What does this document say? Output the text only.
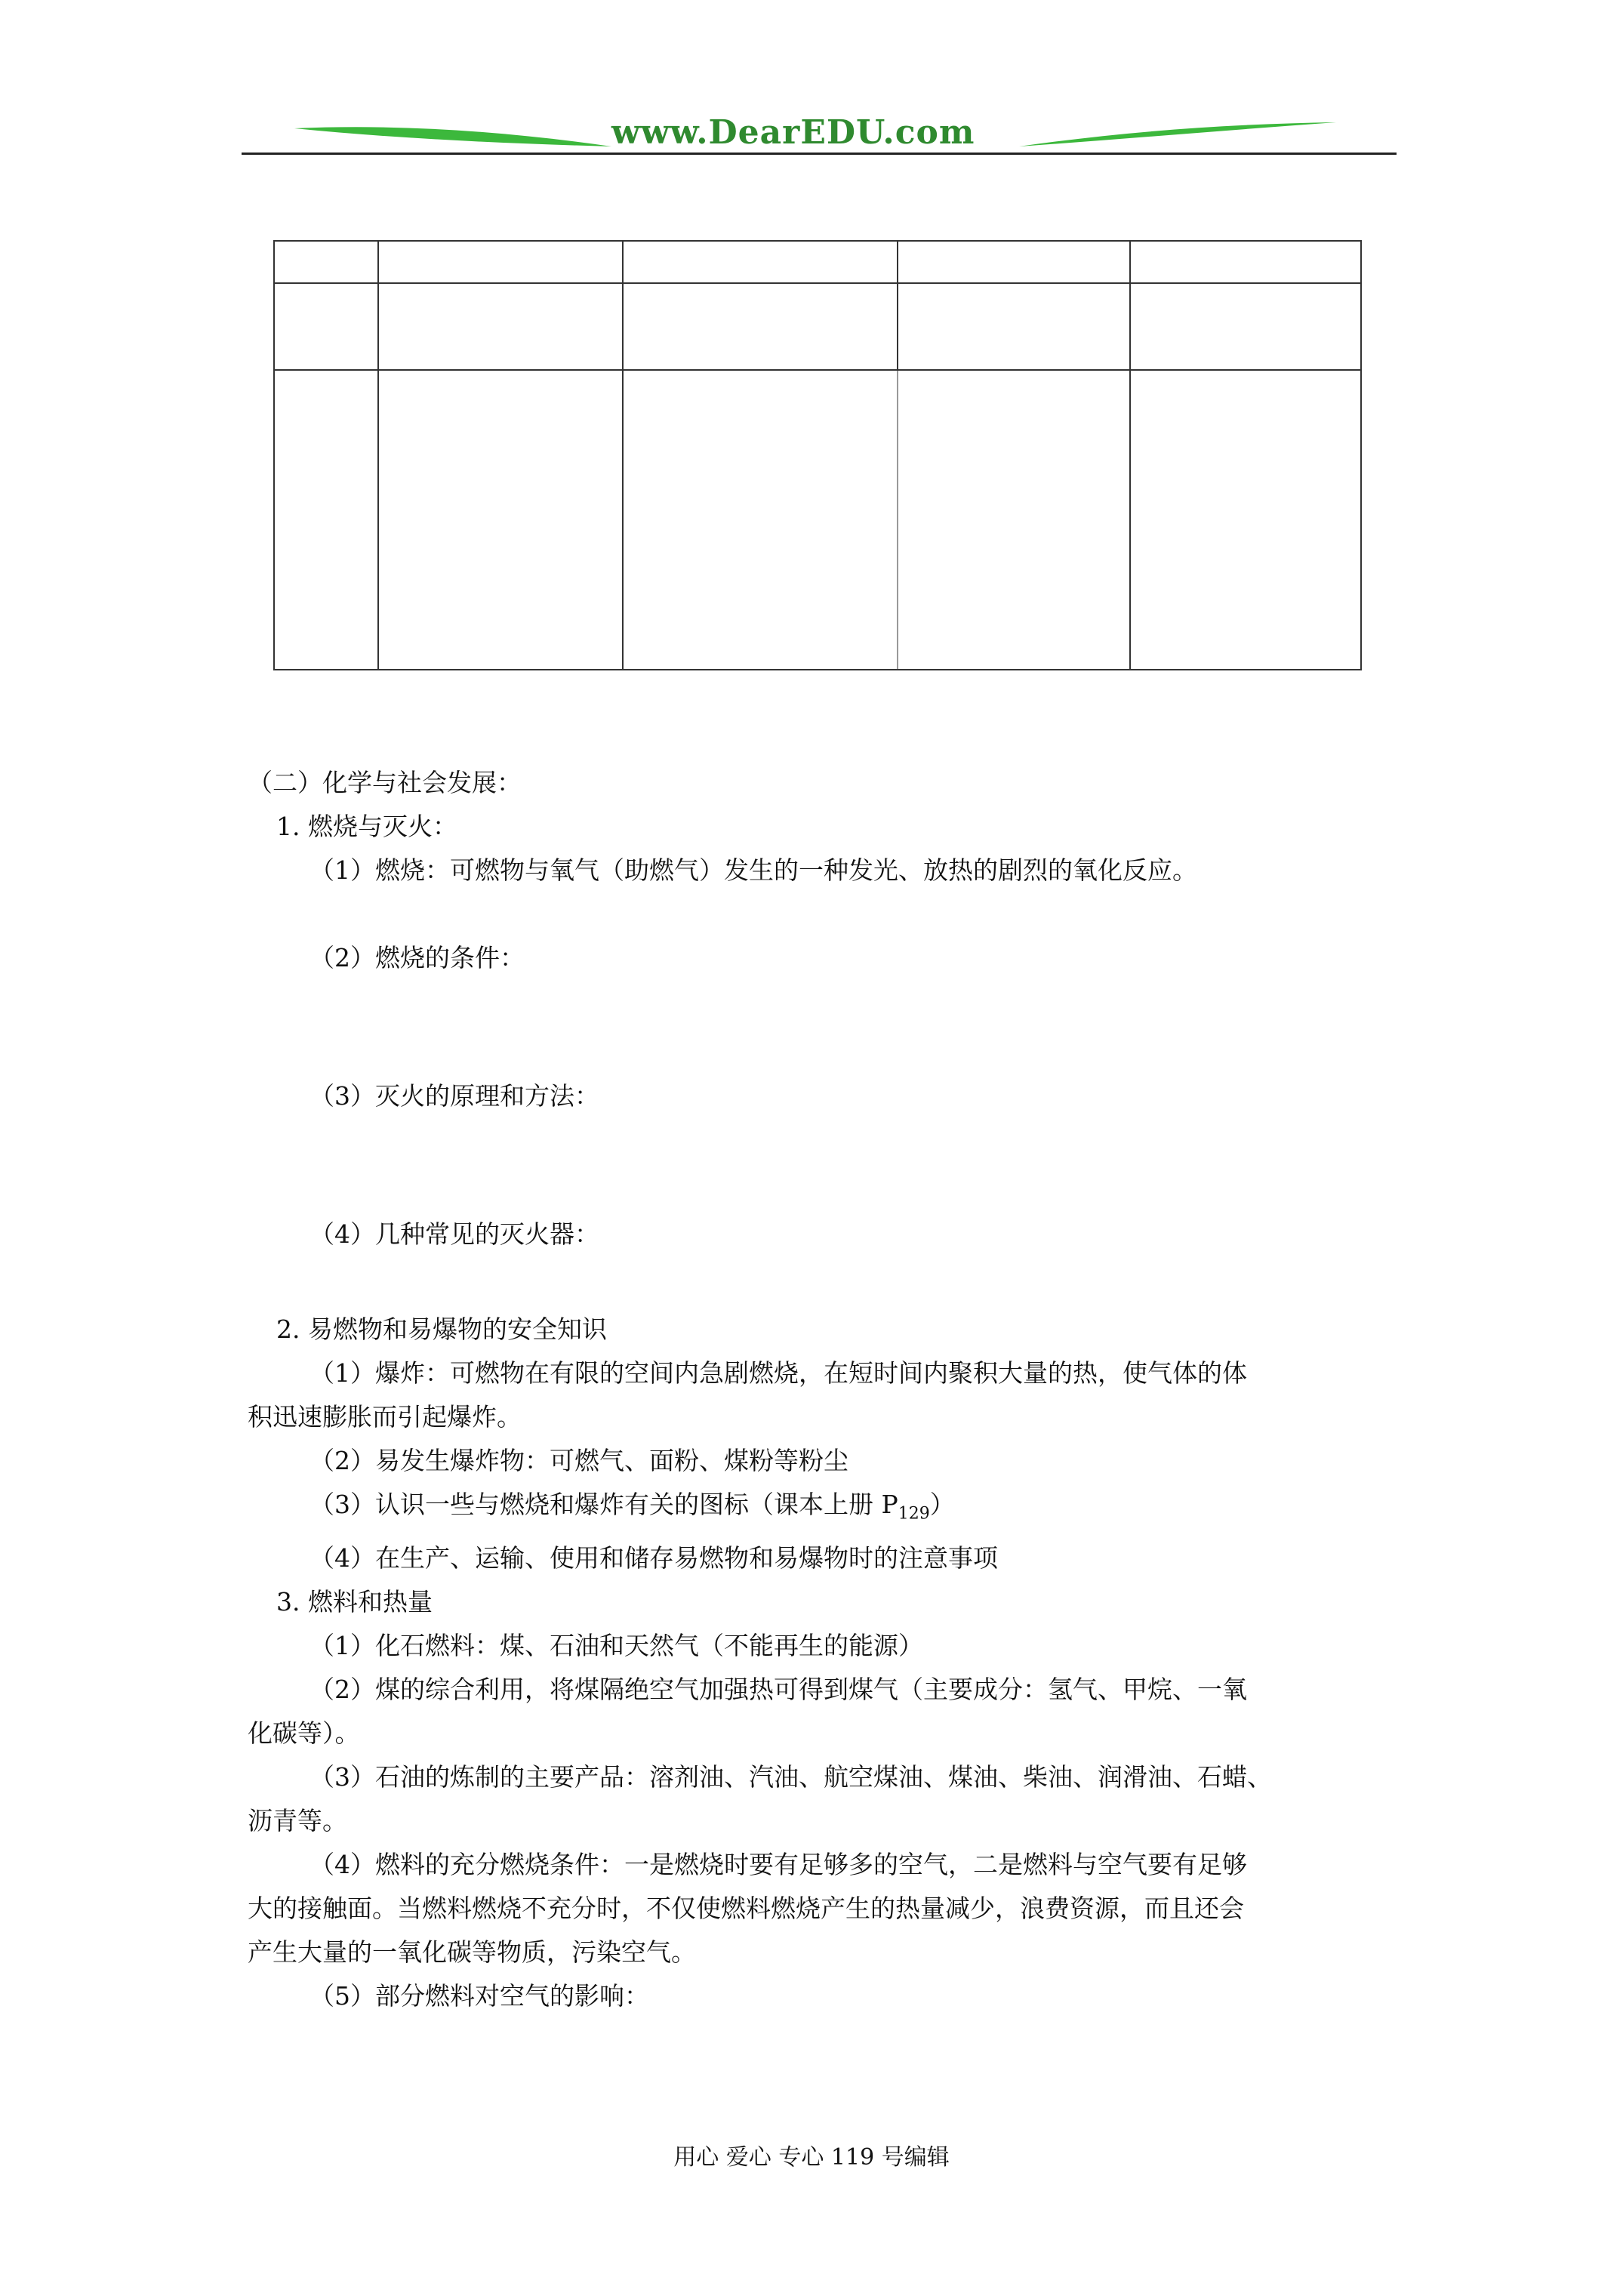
www.DearEDU.com

（二）化学与社会发展：
1. 燃烧与灭火：
（1）燃烧：可燃物与氧气（助燃气）发生的一种发光、放热的剧烈的氧化反应。
（2）燃烧的条件：
（3）灭火的原理和方法：
（4）几种常见的灭火器：
2. 易燃物和易爆物的安全知识
（1）爆炸：可燃物在有限的空间内急剧燃烧，在短时间内聚积大量的热，使气体的体
积迅速膨胀而引起爆炸。
（2）易发生爆炸物：可燃气、面粉、煤粉等粉尘
（3）认识一些与燃烧和爆炸有关的图标（课本上册 $P_{129}$）
（4）在生产、运输、使用和储存易燃物和易爆物时的注意事项
3. 燃料和热量
（1）化石燃料：煤、石油和天然气（不能再生的能源）
（2）煤的综合利用，将煤隔绝空气加强热可得到煤气（主要成分：氢气、甲烷、一氧
化碳等）。
（3）石油的炼制的主要产品：溶剂油、汽油、航空煤油、煤油、柴油、润滑油、石蜡、
沥青等。
（4）燃料的充分燃烧条件：一是燃烧时要有足够多的空气，二是燃料与空气要有足够
大的接触面。当燃料燃烧不充分时，不仅使燃料燃烧产生的热量减少，浪费资源，而且还会
产生大量的一氧化碳等物质，污染空气。
（5）部分燃料对空气的影响：
用心 爱心 专心 119 号编辑
